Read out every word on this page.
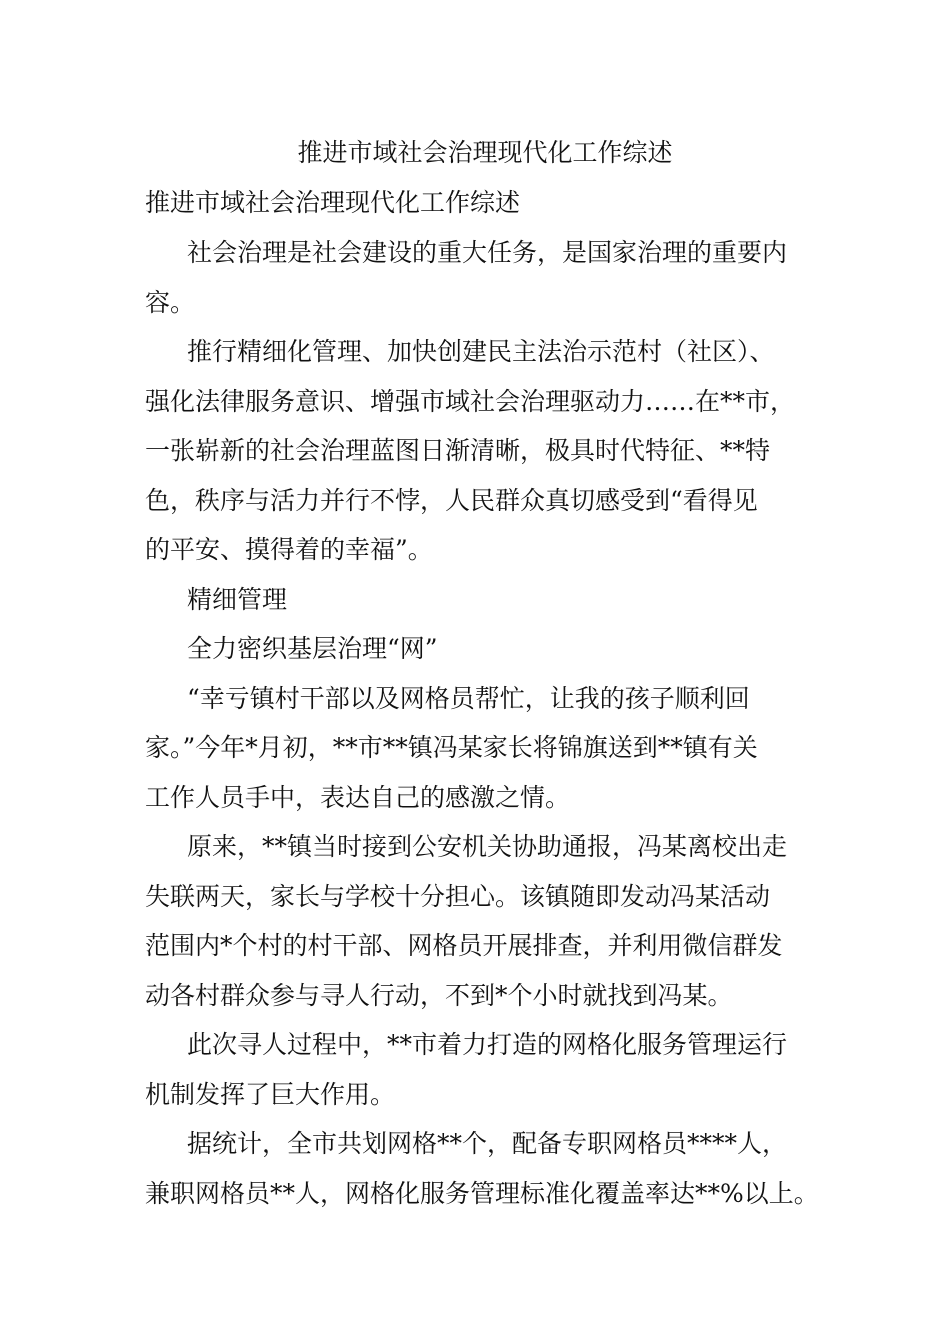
推进市域社会治理现代化工作综述
推进市域社会治理现代化工作综述

社会治理是社会建设的重大任务，是国家治理的重要内
容。

推行精细化管理、加快创建民主法治示范村（社区）、
强化法律服务意识、增强市域社会治理驱动力……在**市，
一张崭新的社会治理蓝图日渐清晰，极具时代特征、**特
色，秩序与活力并行不悖，人民群众真切感受到“看得见
的平安、摸得着的幸福”。

精细管理

全力密织基层治理“网”

“幸亏镇村干部以及网格员帮忙，让我的孩子顺利回
家。”今年*月初，**市**镇冯某家长将锦旗送到**镇有关
工作人员手中，表达自己的感激之情。

原来，**镇当时接到公安机关协助通报，冯某离校出走
失联两天，家长与学校十分担心。该镇随即发动冯某活动
范围内*个村的村干部、网格员开展排查，并利用微信群发
动各村群众参与寻人行动，不到*个小时就找到冯某。

此次寻人过程中，**市着力打造的网格化服务管理运行
机制发挥了巨大作用。

据统计，全市共划网格**个，配备专职网格员****人，
兼职网格员**人，网格化服务管理标准化覆盖率达**%以上。
